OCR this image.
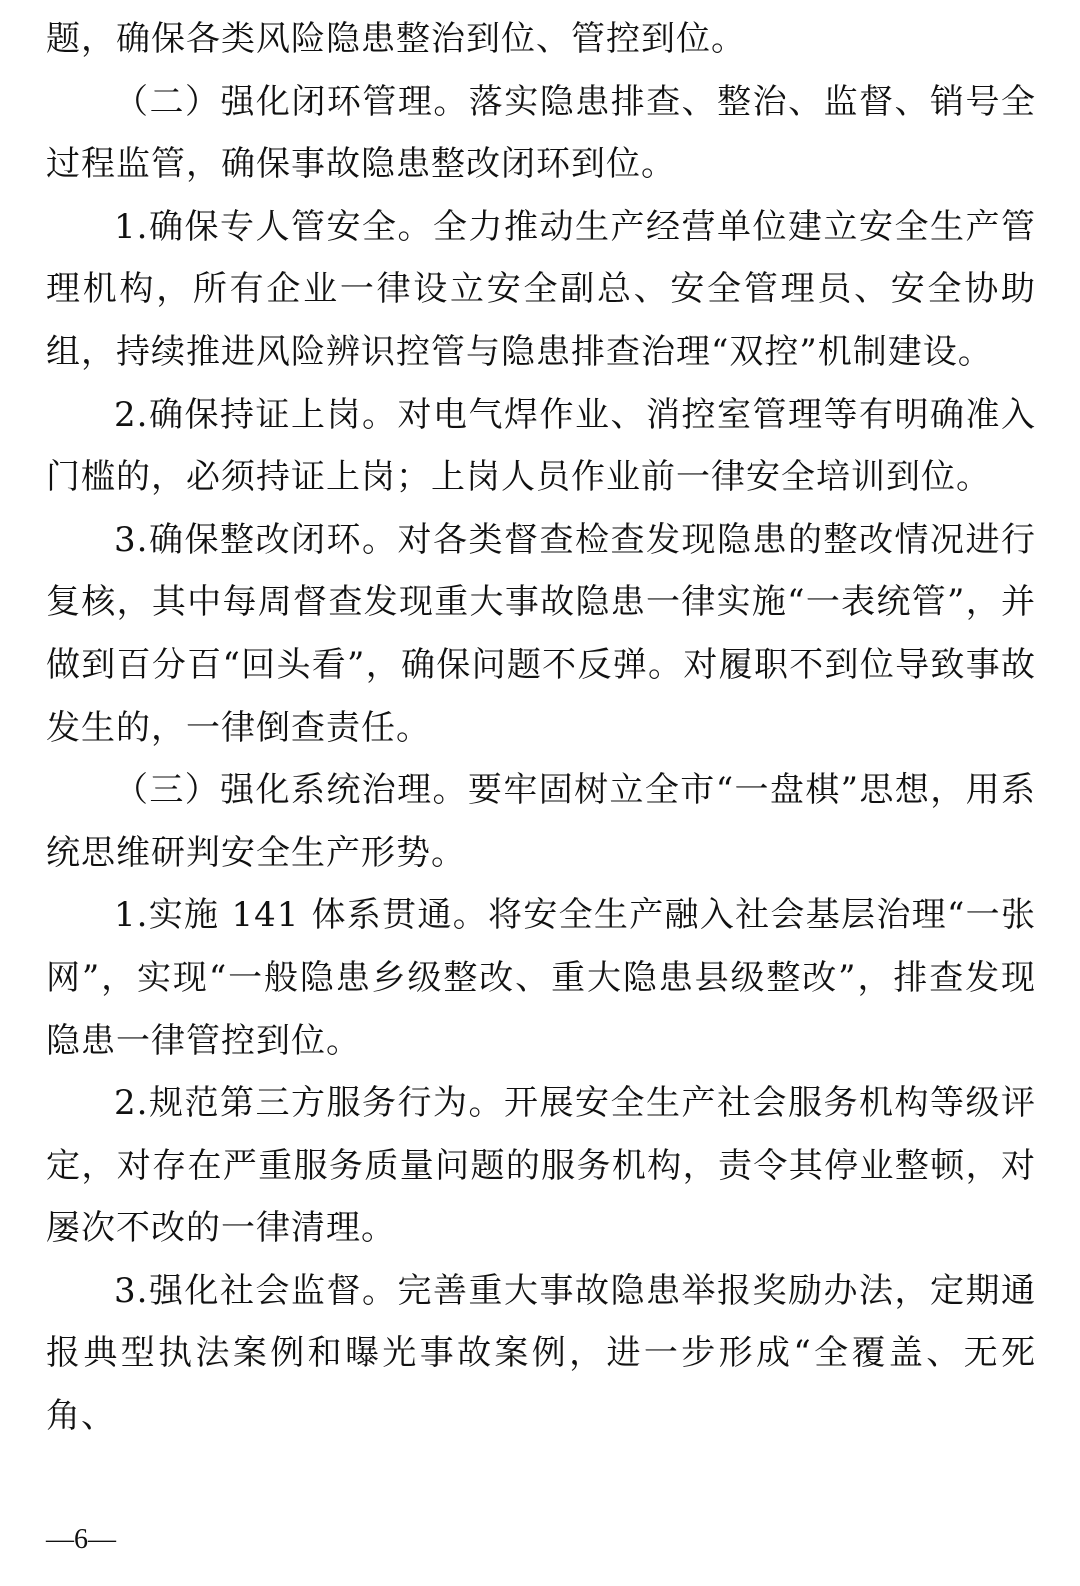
题，确保各类风险隐患整治到位、管控到位。

（二）强化闭环管理。落实隐患排查、整治、监督、销号全过程监管，确保事故隐患整改闭环到位。

1.确保专人管安全。全力推动生产经营单位建立安全生产管理机构，所有企业一律设立安全副总、安全管理员、安全协助组，持续推进风险辨识控管与隐患排查治理“双控”机制建设。

2.确保持证上岗。对电气焊作业、消控室管理等有明确准入门槛的，必须持证上岗；上岗人员作业前一律安全培训到位。

3.确保整改闭环。对各类督查检查发现隐患的整改情况进行复核，其中每周督查发现重大事故隐患一律实施“一表统管”，并做到百分百“回头看”，确保问题不反弹。对履职不到位导致事故发生的，一律倒查责任。

（三）强化系统治理。要牢固树立全市“一盘棋”思想，用系统思维研判安全生产形势。

1.实施 141 体系贯通。将安全生产融入社会基层治理“一张网”，实现“一般隐患乡级整改、重大隐患县级整改”，排查发现隐患一律管控到位。

2.规范第三方服务行为。开展安全生产社会服务机构等级评定，对存在严重服务质量问题的服务机构，责令其停业整顿，对屡次不改的一律清理。

3.强化社会监督。完善重大事故隐患举报奖励办法，定期通报典型执法案例和曝光事故案例，进一步形成“全覆盖、无死角、

—6—
